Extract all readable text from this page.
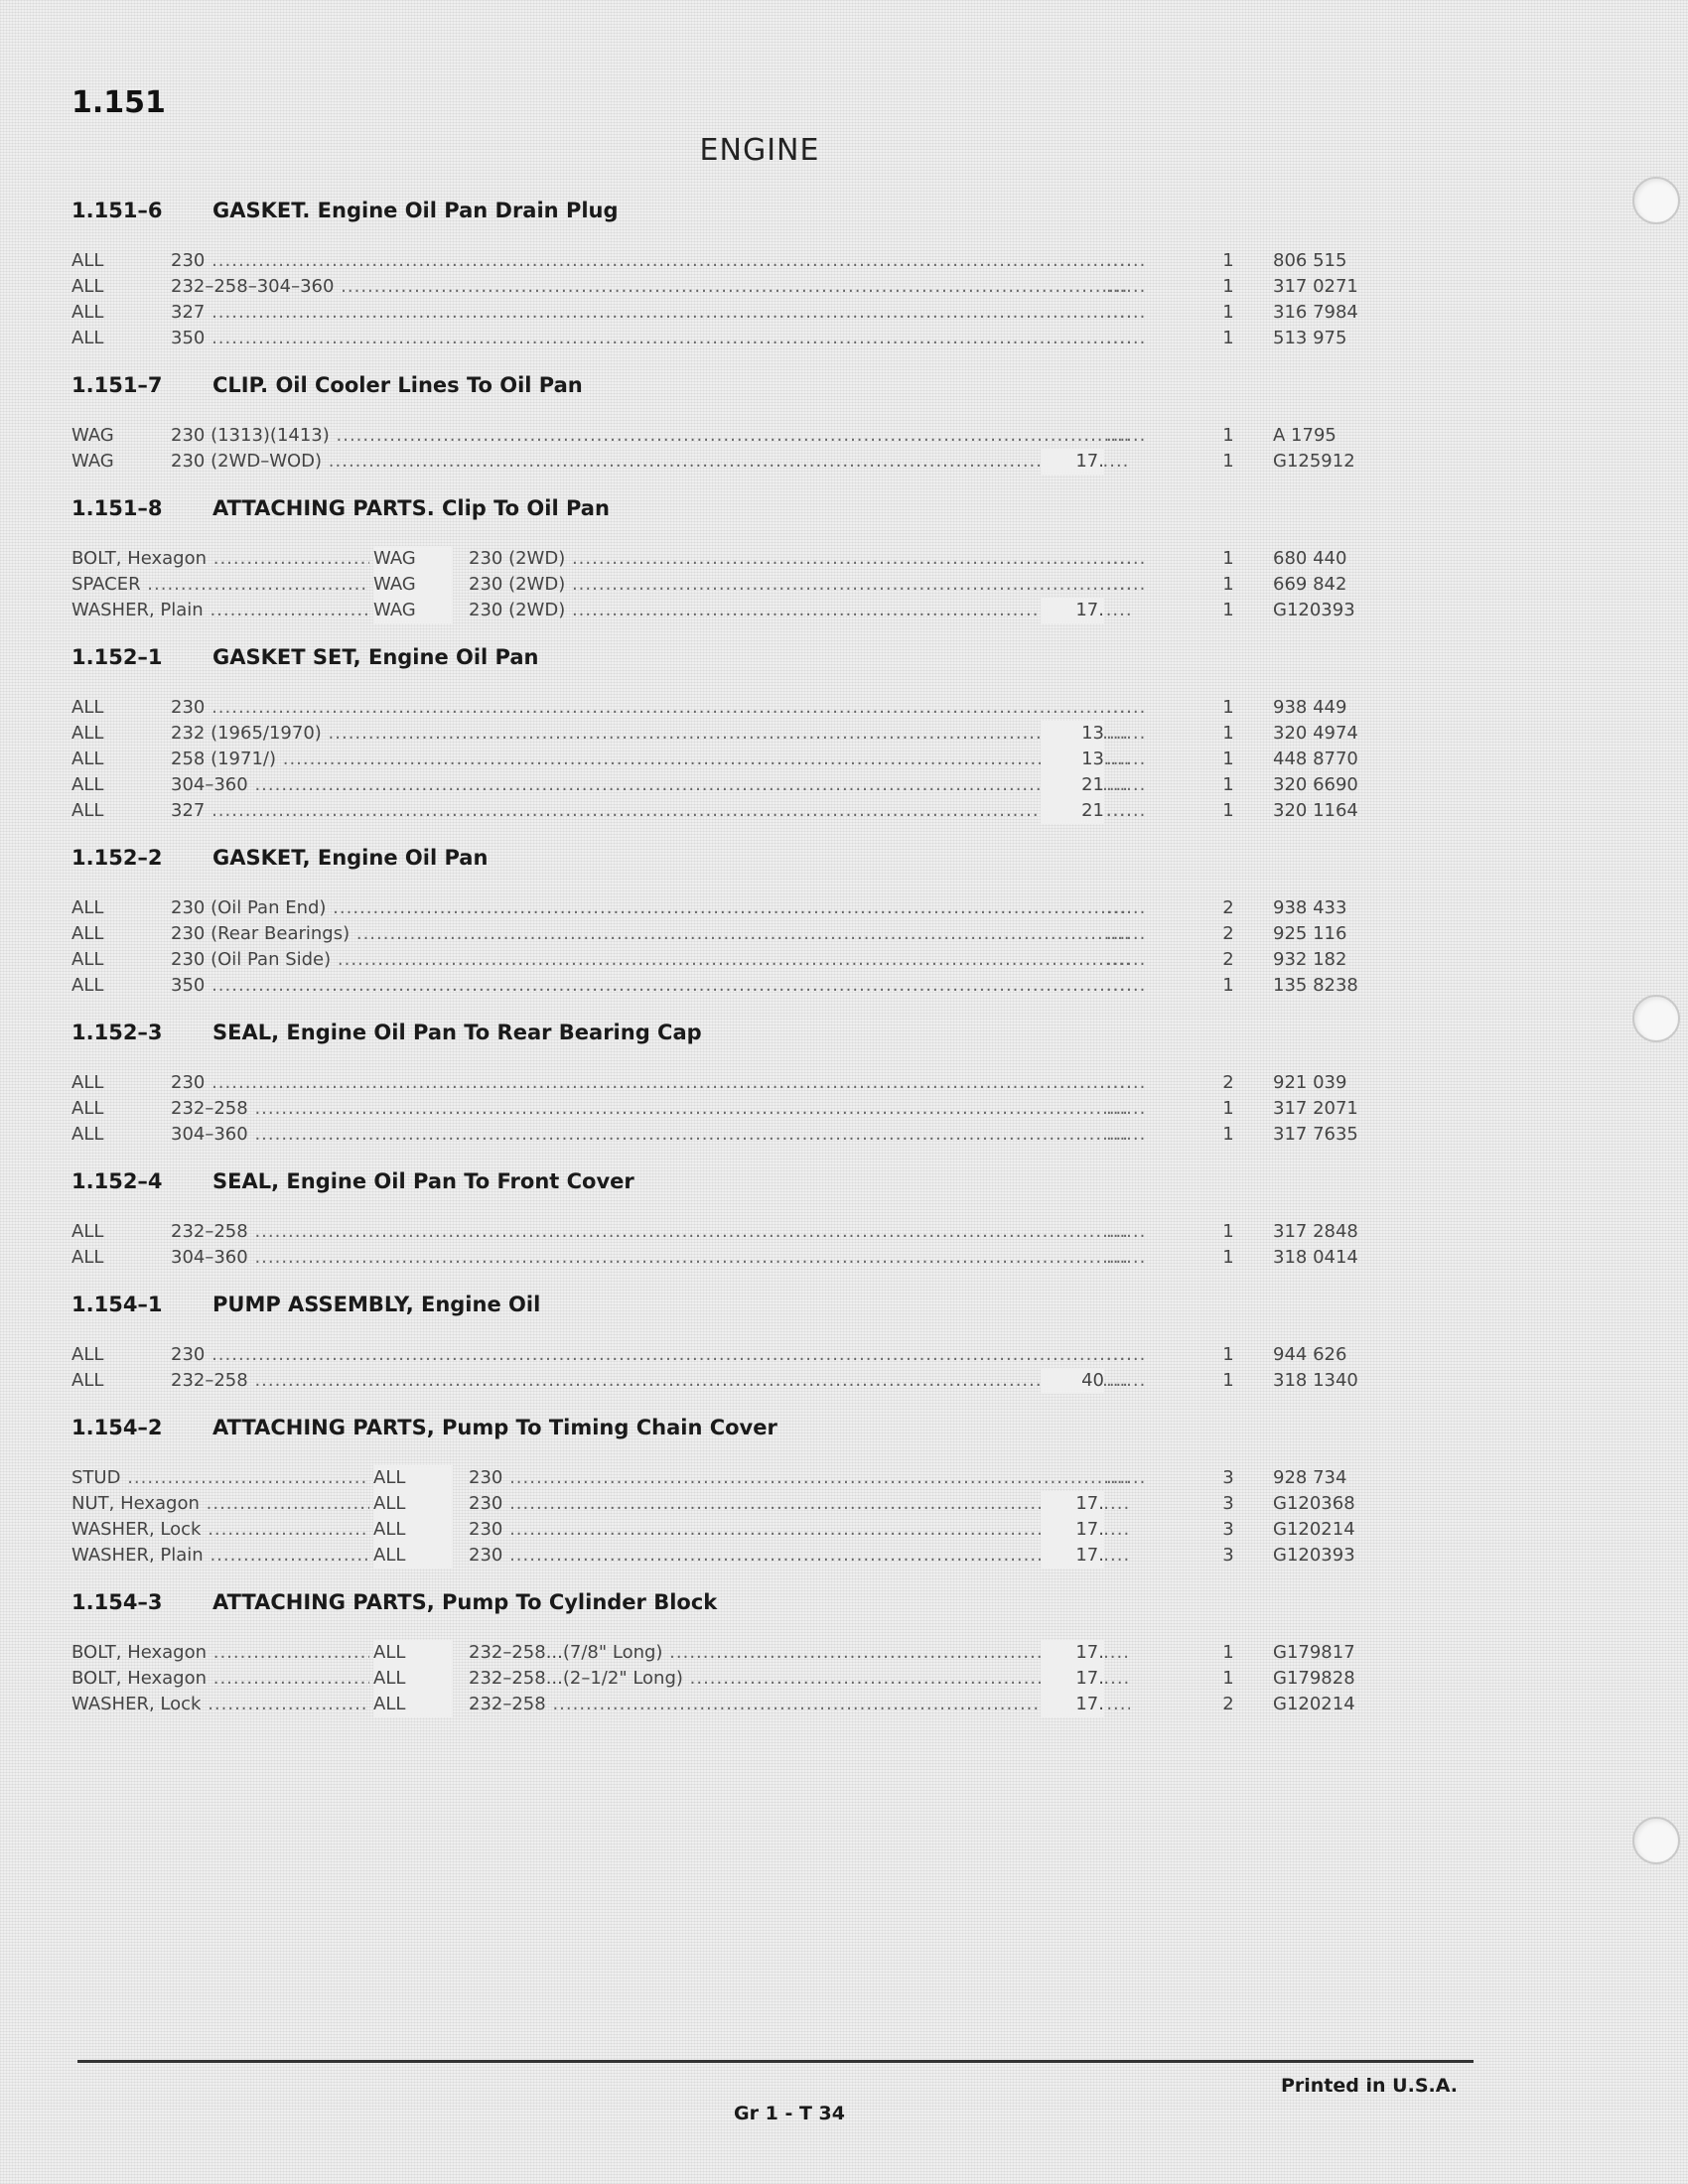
1.151
ENGINE
1.151–6 GASKET. Engine Oil Pan Drain Plug
ALL	230 .....	......	1	806 515
ALL	232–258–304–360 .....	......	1	317 0271
ALL	327 .....	......	1	316 7984
ALL	350 .....	......	1	513 975
1.151–7 CLIP. Oil Cooler Lines To Oil Pan
WAG	230 (1313)(1413) .....	......	1	A 1795
WAG	230 (2WD–WOD) .....	17.	1	G125912
1.151–8 ATTACHING PARTS. Clip To Oil Pan
BOLT, Hexagon .....	WAG	230 (2WD) .....	......	1	680 440
SPACER .....	WAG	230 (2WD) .....	......	1	669 842
WASHER, Plain .....	WAG	230 (2WD) .....	17.	1	G120393
1.152–1 GASKET SET, Engine Oil Pan
ALL	230 .....	......	1	938 449
ALL	232 (1965/1970) .....	13 ......	1	320 4974
ALL	258 (1971/) .....	13 ......	1	448 8770
ALL	304–360 .....	21 ......	1	320 6690
ALL	327 .....	21 ......	1	320 1164
1.152–2 GASKET, Engine Oil Pan
ALL	230 (Oil Pan End) .....	......	2	938 433
ALL	230 (Rear Bearings) .....	......	2	925 116
ALL	230 (Oil Pan Side) .....	......	2	932 182
ALL	350 .....	......	1	135 8238
1.152–3 SEAL, Engine Oil Pan To Rear Bearing Cap
ALL	230 .....	......	2	921 039
ALL	232–258 .....	......	1	317 2071
ALL	304–360 .....	......	1	317 7635
1.152–4 SEAL, Engine Oil Pan To Front Cover
ALL	232–258 .....	......	1	317 2848
ALL	304–360 .....	......	1	318 0414
1.154–1 PUMP ASSEMBLY, Engine Oil
ALL	230 .....	......	1	944 626
ALL	232–258 .....	40 ......	1	318 1340
1.154–2 ATTACHING PARTS, Pump To Timing Chain Cover
STUD .....	ALL	230 .....	......	3	928 734
NUT, Hexagon .....	ALL	230 .....	17.	3	G120368
WASHER, Lock .....	ALL	230 .....	17.	3	G120214
WASHER, Plain .....	ALL	230 .....	17.	3	G120393
1.154–3 ATTACHING PARTS, Pump To Cylinder Block
BOLT, Hexagon .....	ALL	232–258...(7/8" Long) .....	17.	1	G179817
BOLT, Hexagon .....	ALL	232–258...(2–1/2" Long) .....	17.	1	G179828
WASHER, Lock .....	ALL	232–258 .....	17.	2	G120214
Printed in U.S.A.
Gr 1 - T 34
